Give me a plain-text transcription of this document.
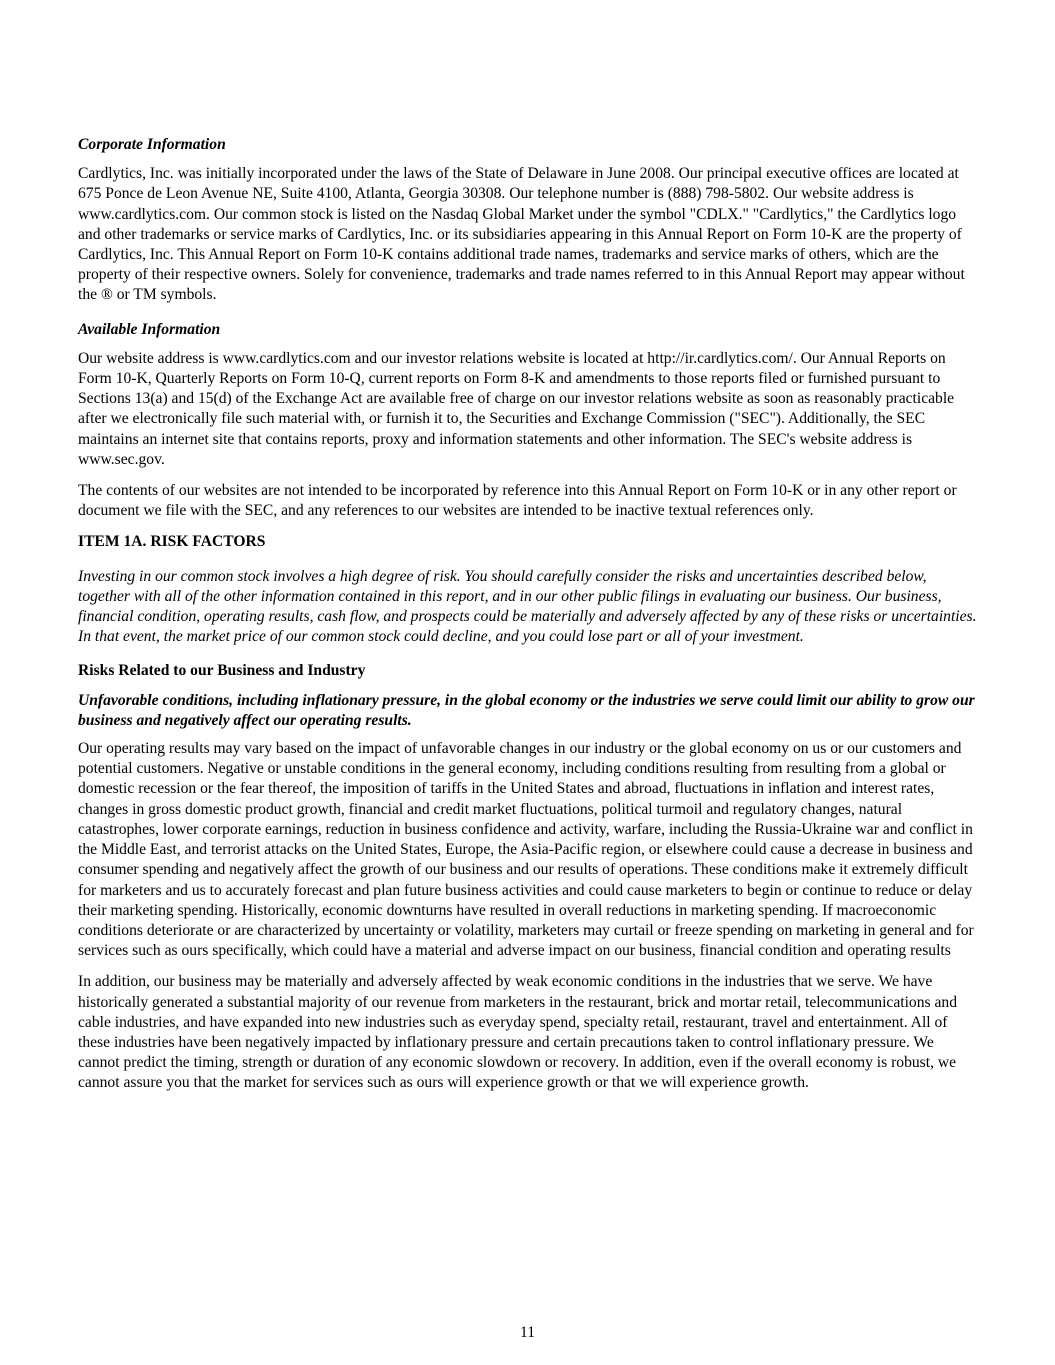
Corporate Information

Cardlytics, Inc. was initially incorporated under the laws of the State of Delaware in June 2008. Our principal executive offices are located at 675 Ponce de Leon Avenue NE, Suite 4100, Atlanta, Georgia 30308. Our telephone number is (888) 798-5802. Our website address is www.cardlytics.com. Our common stock is listed on the Nasdaq Global Market under the symbol "CDLX." "Cardlytics," the Cardlytics logo and other trademarks or service marks of Cardlytics, Inc. or its subsidiaries appearing in this Annual Report on Form 10-K are the property of Cardlytics, Inc. This Annual Report on Form 10-K contains additional trade names, trademarks and service marks of others, which are the property of their respective owners. Solely for convenience, trademarks and trade names referred to in this Annual Report may appear without the ® or TM symbols.

Available Information

Our website address is www.cardlytics.com and our investor relations website is located at http://ir.cardlytics.com/. Our Annual Reports on Form 10-K, Quarterly Reports on Form 10-Q, current reports on Form 8-K and amendments to those reports filed or furnished pursuant to Sections 13(a) and 15(d) of the Exchange Act are available free of charge on our investor relations website as soon as reasonably practicable after we electronically file such material with, or furnish it to, the Securities and Exchange Commission ("SEC"). Additionally, the SEC maintains an internet site that contains reports, proxy and information statements and other information. The SEC's website address is www.sec.gov.

The contents of our websites are not intended to be incorporated by reference into this Annual Report on Form 10-K or in any other report or document we file with the SEC, and any references to our websites are intended to be inactive textual references only.

ITEM 1A. RISK FACTORS

Investing in our common stock involves a high degree of risk. You should carefully consider the risks and uncertainties described below, together with all of the other information contained in this report, and in our other public filings in evaluating our business. Our business, financial condition, operating results, cash flow, and prospects could be materially and adversely affected by any of these risks or uncertainties. In that event, the market price of our common stock could decline, and you could lose part or all of your investment.

Risks Related to our Business and Industry

Unfavorable conditions, including inflationary pressure, in the global economy or the industries we serve could limit our ability to grow our business and negatively affect our operating results.

Our operating results may vary based on the impact of unfavorable changes in our industry or the global economy on us or our customers and potential customers. Negative or unstable conditions in the general economy, including conditions resulting from resulting from a global or domestic recession or the fear thereof, the imposition of tariffs in the United States and abroad, fluctuations in inflation and interest rates, changes in gross domestic product growth, financial and credit market fluctuations, political turmoil and regulatory changes, natural catastrophes, lower corporate earnings, reduction in business confidence and activity, warfare, including the Russia-Ukraine war and conflict in the Middle East, and terrorist attacks on the United States, Europe, the Asia-Pacific region, or elsewhere could cause a decrease in business and consumer spending and negatively affect the growth of our business and our results of operations. These conditions make it extremely difficult for marketers and us to accurately forecast and plan future business activities and could cause marketers to begin or continue to reduce or delay their marketing spending. Historically, economic downturns have resulted in overall reductions in marketing spending. If macroeconomic conditions deteriorate or are characterized by uncertainty or volatility, marketers may curtail or freeze spending on marketing in general and for services such as ours specifically, which could have a material and adverse impact on our business, financial condition and operating results

In addition, our business may be materially and adversely affected by weak economic conditions in the industries that we serve. We have historically generated a substantial majority of our revenue from marketers in the restaurant, brick and mortar retail, telecommunications and cable industries, and have expanded into new industries such as everyday spend, specialty retail, restaurant, travel and entertainment. All of these industries have been negatively impacted by inflationary pressure and certain precautions taken to control inflationary pressure. We cannot predict the timing, strength or duration of any economic slowdown or recovery. In addition, even if the overall economy is robust, we cannot assure you that the market for services such as ours will experience growth or that we will experience growth.

11
